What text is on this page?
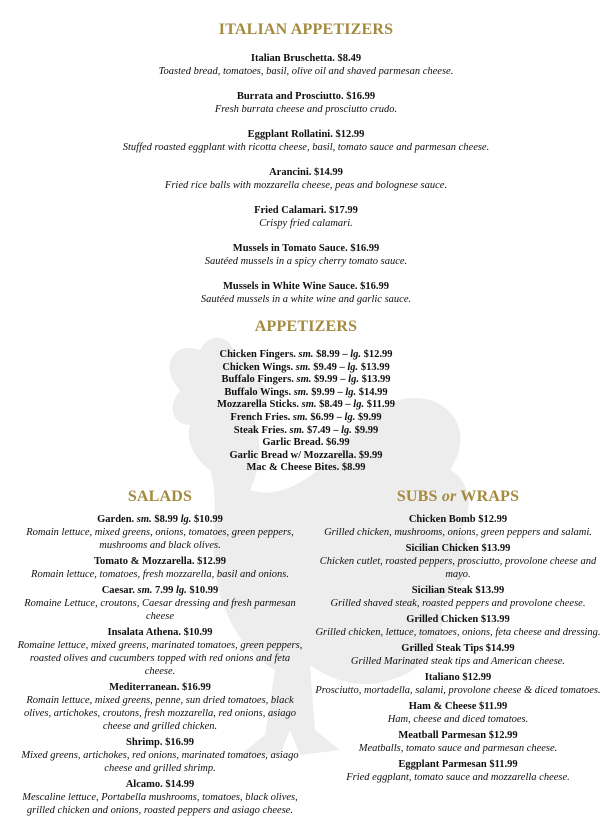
ITALIAN APPETIZERS
Italian Bruschetta. $8.49
Toasted bread, tomatoes, basil, olive oil and shaved parmesan cheese.
Burrata and Prosciutto. $16.99
Fresh burrata cheese and prosciutto crudo.
Eggplant Rollatini. $12.99
Stuffed roasted eggplant with ricotta cheese, basil, tomato sauce and parmesan cheese.
Arancini. $14.99
Fried rice balls with mozzarella cheese, peas and bolognese sauce.
Fried Calamari. $17.99
Crispy fried calamari.
Mussels in Tomato Sauce. $16.99
Sautéed mussels in a spicy cherry tomato sauce.
Mussels in White Wine Sauce. $16.99
Sautéed mussels in a white wine and garlic sauce.
APPETIZERS
Chicken Fingers. sm. $8.99 – lg. $12.99
Chicken Wings. sm. $9.49 – lg. $13.99
Buffalo Fingers. sm. $9.99 – lg. $13.99
Buffalo Wings. sm. $9.99 – lg. $14.99
Mozzarella Sticks. sm. $8.49 – lg. $11.99
French Fries. sm. $6.99 – lg. $9.99
Steak Fries. sm. $7.49 – lg. $9.99
Garlic Bread. $6.99
Garlic Bread w/ Mozzarella. $9.99
Mac & Cheese Bites. $8.99
SALADS
Garden. sm. $8.99 lg. $10.99
Romain lettuce, mixed greens, onions, tomatoes, green peppers, mushrooms and black olives.
Tomato & Mozzarella. $12.99
Romain lettuce, tomatoes, fresh mozzarella, basil and onions.
Caesar. sm. 7.99 lg. $10.99
Romaine Lettuce, croutons, Caesar dressing and fresh parmesan cheese
Insalata Athena. $10.99
Romaine lettuce, mixed greens, marinated tomatoes, green peppers, roasted olives and cucumbers topped with red onions and feta cheese.
Mediterranean. $16.99
Romain lettuce, mixed greens, penne, sun dried tomatoes, black olives, artichokes, croutons, fresh mozzarella, red onions, asiago cheese and grilled chicken.
Shrimp. $16.99
Mixed greens, artichokes, red onions, marinated tomatoes, asiago cheese and grilled shrimp.
Alcamo. $14.99
Mescaline lettuce, Portabella mushrooms, tomatoes, black olives, grilled chicken and onions, roasted peppers and asiago cheese.
SUBS or WRAPS
Chicken Bomb $12.99
Grilled chicken, mushrooms, onions, green peppers and salami.
Sicilian Chicken $13.99
Chicken cutlet, roasted peppers, prosciutto, provolone cheese and mayo.
Sicilian Steak $13.99
Grilled shaved steak, roasted peppers and provolone cheese.
Grilled Chicken $13.99
Grilled chicken, lettuce, tomatoes, onions, feta cheese and dressing.
Grilled Steak Tips $14.99
Grilled Marinated steak tips and American cheese.
Italiano $12.99
Prosciutto, mortadella, salami, provolone cheese & diced tomatoes.
Ham & Cheese $11.99
Ham, cheese and diced tomatoes.
Meatball Parmesan $12.99
Meatballs, tomato sauce and parmesan cheese.
Eggplant Parmesan $11.99
Fried eggplant, tomato sauce and mozzarella cheese.
